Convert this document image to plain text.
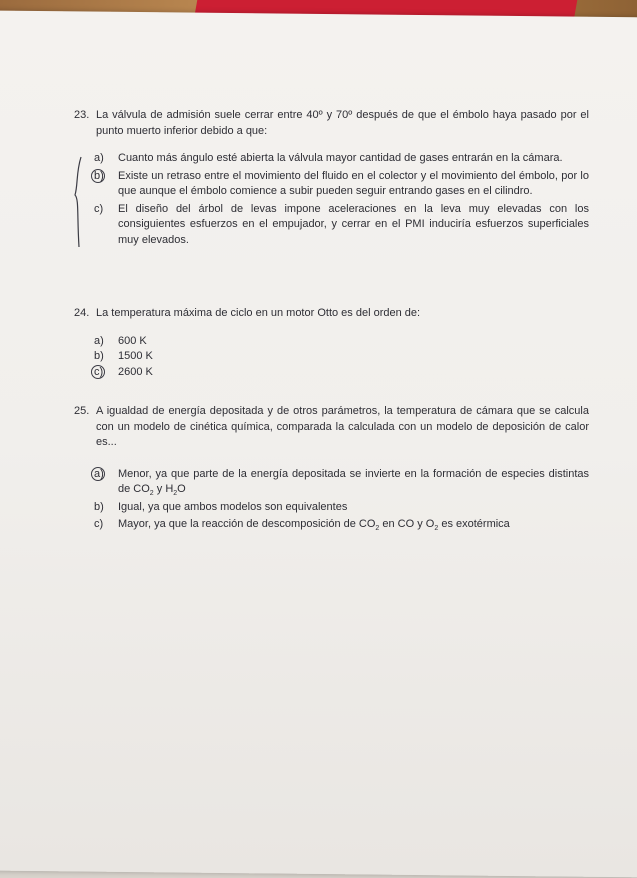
23. La válvula de admisión suele cerrar entre 40º y 70º después de que el émbolo haya pasado por el punto muerto inferior debido a que:
a)	Cuanto más ángulo esté abierta la válvula mayor cantidad de gases entrarán en la cámara.
b)	Existe un retraso entre el movimiento del fluido en el colector y el movimiento del émbolo, por lo que aunque el émbolo comience a subir pueden seguir entrando gases en el cilindro.
c)	El diseño del árbol de levas impone aceleraciones en la leva muy elevadas con los consiguientes esfuerzos en el empujador, y cerrar en el PMI induciría esfuerzos superficiales muy elevados.
24. La temperatura máxima de ciclo en un motor Otto es del orden de:
a)	600 K
b)	1500 K
c)	2600 K
25. A igualdad de energía depositada y de otros parámetros, la temperatura de cámara que se calcula con un modelo de cinética química, comparada la calculada con un modelo de deposición de calor es...
a)	Menor, ya que parte de la energía depositada se invierte en la formación de especies distintas de $CO_2$ y $H_2O$
b)	Igual, ya que ambos modelos son equivalentes
c)	Mayor, ya que la reacción de descomposición de $CO_2$ en CO y $O_2$ es exotérmica
